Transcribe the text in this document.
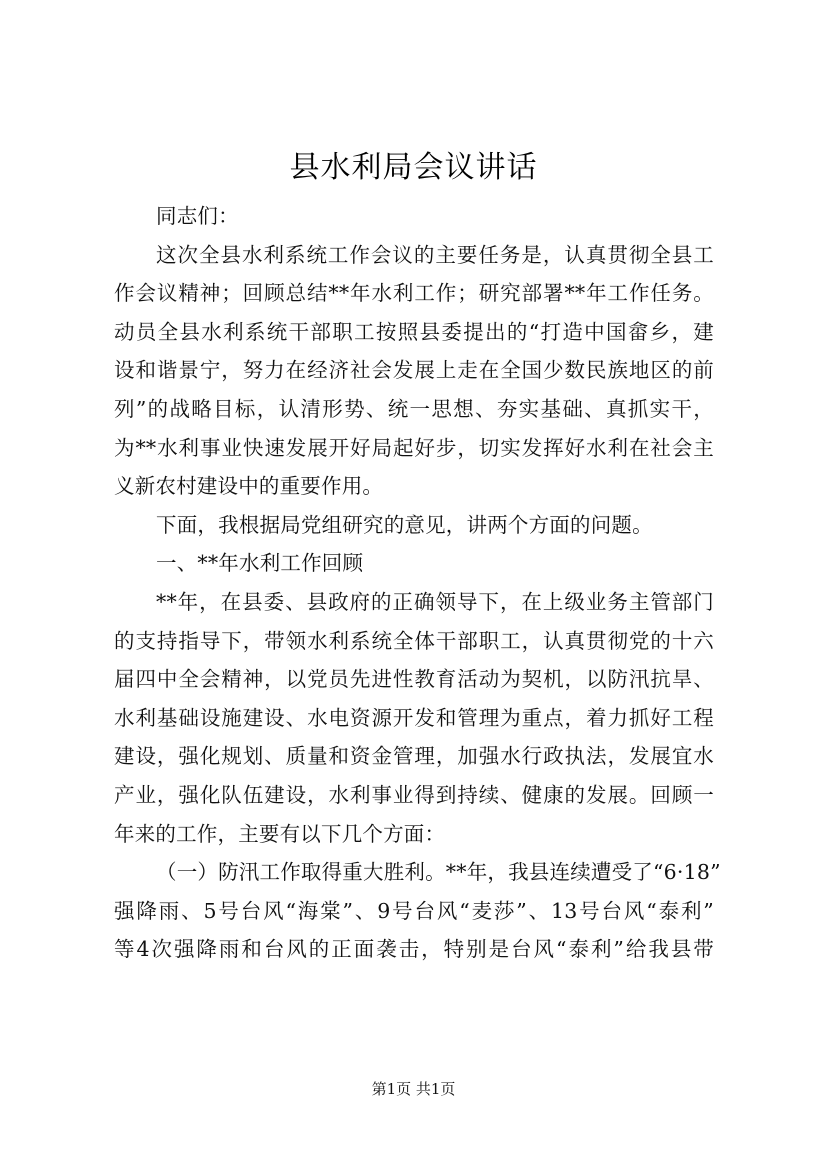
县水利局会议讲话
同志们：
这次全县水利系统工作会议的主要任务是，认真贯彻全县工
作会议精神；回顾总结**年水利工作；研究部署**年工作任务。
动员全县水利系统干部职工按照县委提出的“打造中国畲乡，建
设和谐景宁，努力在经济社会发展上走在全国少数民族地区的前
列”的战略目标，认清形势、统一思想、夯实基础、真抓实干，
为**水利事业快速发展开好局起好步，切实发挥好水利在社会主
义新农村建设中的重要作用。
下面，我根据局党组研究的意见，讲两个方面的问题。
一、**年水利工作回顾
**年，在县委、县政府的正确领导下，在上级业务主管部门
的支持指导下，带领水利系统全体干部职工，认真贯彻党的十六
届四中全会精神，以党员先进性教育活动为契机，以防汛抗旱、
水利基础设施建设、水电资源开发和管理为重点，着力抓好工程
建设，强化规划、质量和资金管理，加强水行政执法，发展宜水
产业，强化队伍建设，水利事业得到持续、健康的发展。回顾一
年来的工作，主要有以下几个方面：
（一）防汛工作取得重大胜利。**年，我县连续遭受了“6·18”
强降雨、5号台风“海棠”、9号台风“麦莎”、13号台风“泰利”
等4次强降雨和台风的正面袭击，特别是台风“泰利”给我县带
第1页 共1页
